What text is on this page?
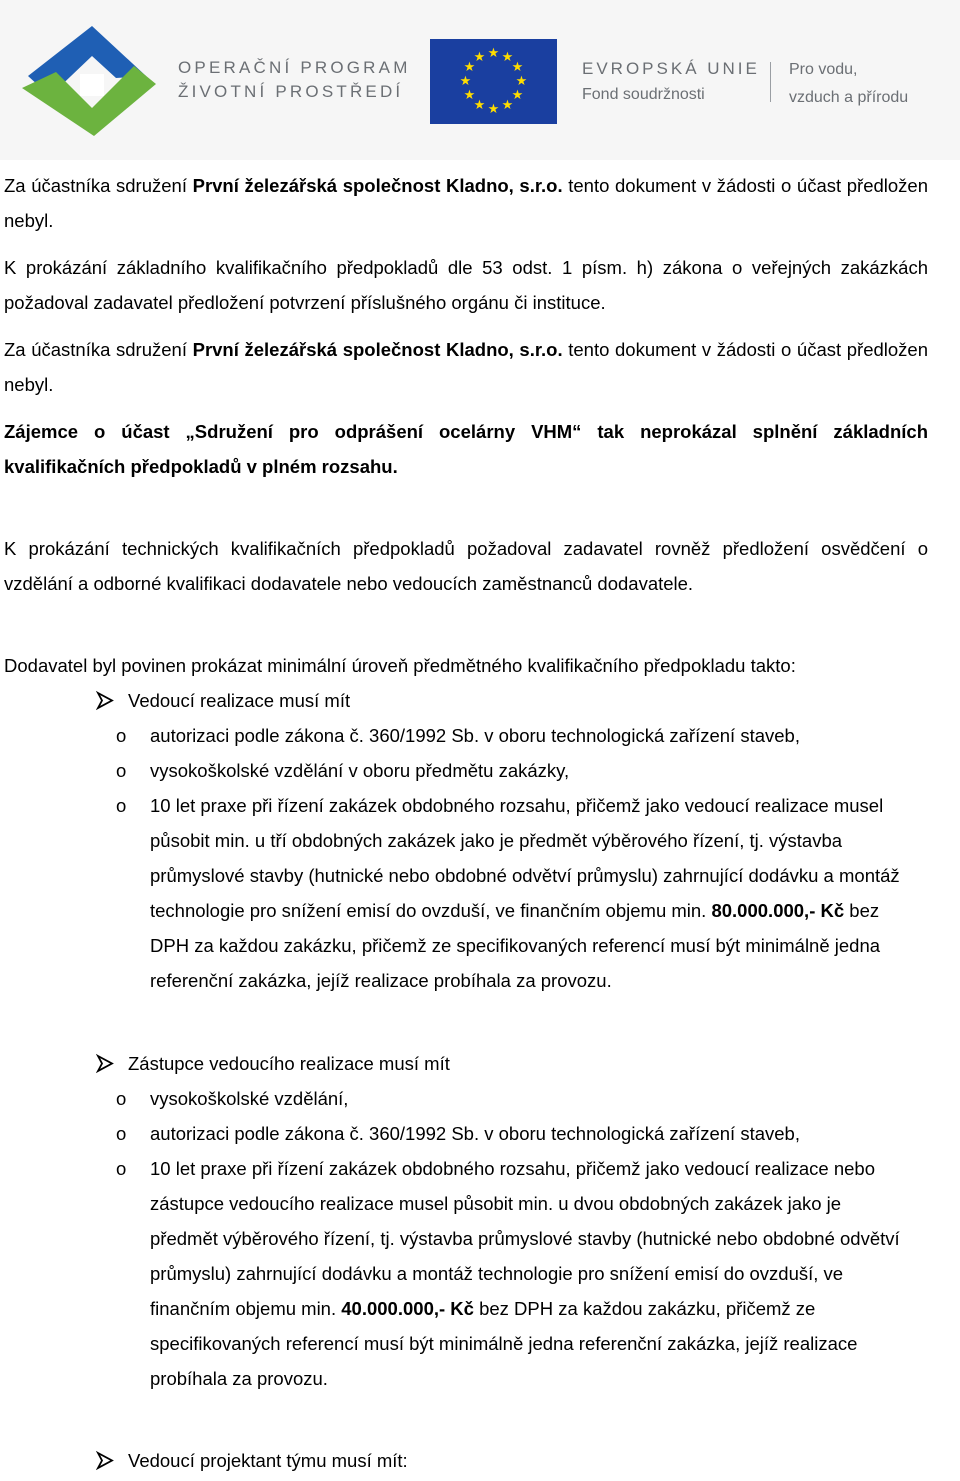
OPERAČNÍ PROGRAM
ŽIVOTNÍ PROSTŘEDÍ
★ ★
★
★
★
★
★
★
★
★
★
★
EVROPSKÁ UNIE
Fond soudržnosti
Pro vodu,
vzduch a přírodu

Za účastníka sdružení První železářská společnost Kladno, s.r.o. tento dokument v žádosti o účast předložen nebyl.

K prokázání základního kvalifikačního předpokladů dle 53 odst. 1 písm. h) zákona o veřejných zakázkách požadoval zadavatel předložení potvrzení příslušného orgánu či instituce.

Za účastníka sdružení První železářská společnost Kladno, s.r.o. tento dokument v žádosti o účast předložen nebyl.

Zájemce o účast „Sdružení pro odprášení ocelárny VHM“ tak neprokázal splnění základních kvalifikačních předpokladů v plném rozsahu.

K prokázání technických kvalifikačních předpokladů požadoval zadavatel rovněž předložení osvědčení o vzdělání a odborné kvalifikaci dodavatele nebo vedoucích zaměstnanců dodavatele.

Dodavatel byl povinen prokázat minimální úroveň předmětného kvalifikačního předpokladu takto:

Vedoucí realizace musí mít
o autorizaci podle zákona č. 360/1992 Sb. v oboru technologická zařízení staveb,
o vysokoškolské vzdělání v oboru předmětu zakázky,
o 10 let praxe při řízení zakázek obdobného rozsahu, přičemž jako vedoucí realizace musel působit min. u tří obdobných zakázek jako je předmět výběrového řízení, tj. výstavba průmyslové stavby (hutnické nebo obdobné odvětví průmyslu) zahrnující dodávku a montáž technologie pro snížení emisí do ovzduší, ve finančním objemu min. 80.000.000,- Kč bez DPH za každou zakázku, přičemž ze specifikovaných referencí musí být minimálně jedna referenční zakázka, jejíž realizace probíhala za provozu.
Zástupce vedoucího realizace musí mít
o vysokoškolské vzdělání,
o autorizaci podle zákona č. 360/1992 Sb. v oboru technologická zařízení staveb,
o 10 let praxe při řízení zakázek obdobného rozsahu, přičemž jako vedoucí realizace nebo zástupce vedoucího realizace musel působit min. u dvou obdobných zakázek jako je předmět výběrového řízení, tj. výstavba průmyslové stavby (hutnické nebo obdobné odvětví průmyslu) zahrnující dodávku a montáž technologie pro snížení emisí do ovzduší, ve finančním objemu min. 40.000.000,- Kč bez DPH za každou zakázku, přičemž ze specifikovaných referencí musí být minimálně jedna referenční zakázka, jejíž realizace probíhala za provozu.
Vedoucí projektant týmu musí mít:
